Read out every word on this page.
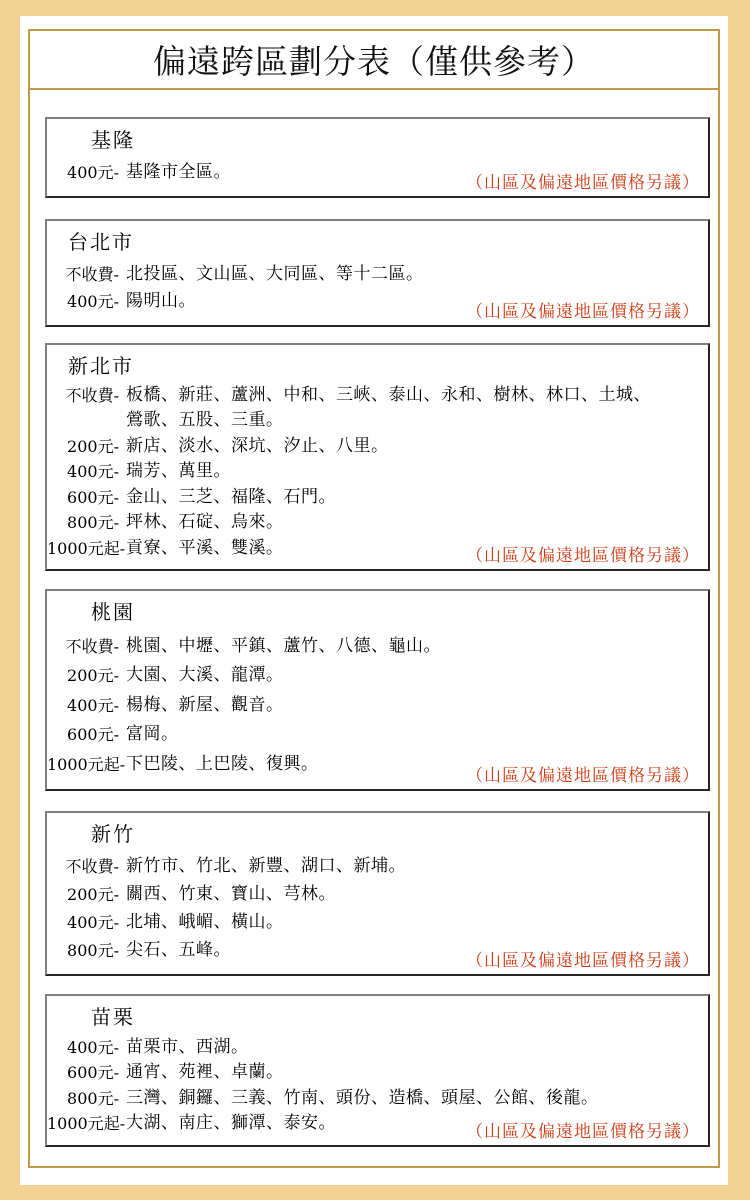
偏遠跨區劃分表（僅供參考）
基隆
400元- 基隆市全區。
（山區及偏遠地區價格另議）
台北市
不收費- 北投區、文山區、大同區、等十二區。
400元- 陽明山。
（山區及偏遠地區價格另議）
新北市
不收費- 板橋、新莊、蘆洲、中和、三峽、泰山、永和、樹林、林口、土城、鶯歌、五股、三重。
200元- 新店、淡水、深坑、汐止、八里。
400元- 瑞芳、萬里。
600元- 金山、三芝、福隆、石門。
800元- 坪林、石碇、烏來。
1000元起- 貢寮、平溪、雙溪。	（山區及偏遠地區價格另議）
桃園
不收費- 桃園、中壢、平鎮、蘆竹、八德、龜山。
200元- 大園、大溪、龍潭。
400元- 楊梅、新屋、觀音。
600元- 富岡。
1000元起- 下巴陵、上巴陵、復興。
（山區及偏遠地區價格另議）
新竹
不收費- 新竹市、竹北、新豐、湖口、新埔。
200元- 關西、竹東、寶山、芎林。
400元- 北埔、峨嵋、橫山。
800元- 尖石、五峰。
（山區及偏遠地區價格另議）
苗栗
400元- 苗栗市、西湖。
600元- 通宵、苑裡、卓蘭。
800元- 三灣、銅鑼、三義、竹南、頭份、造橋、頭屋、公館、後龍。
1000元起- 大湖、南庄、獅潭、泰安。	（山區及偏遠地區價格另議）
